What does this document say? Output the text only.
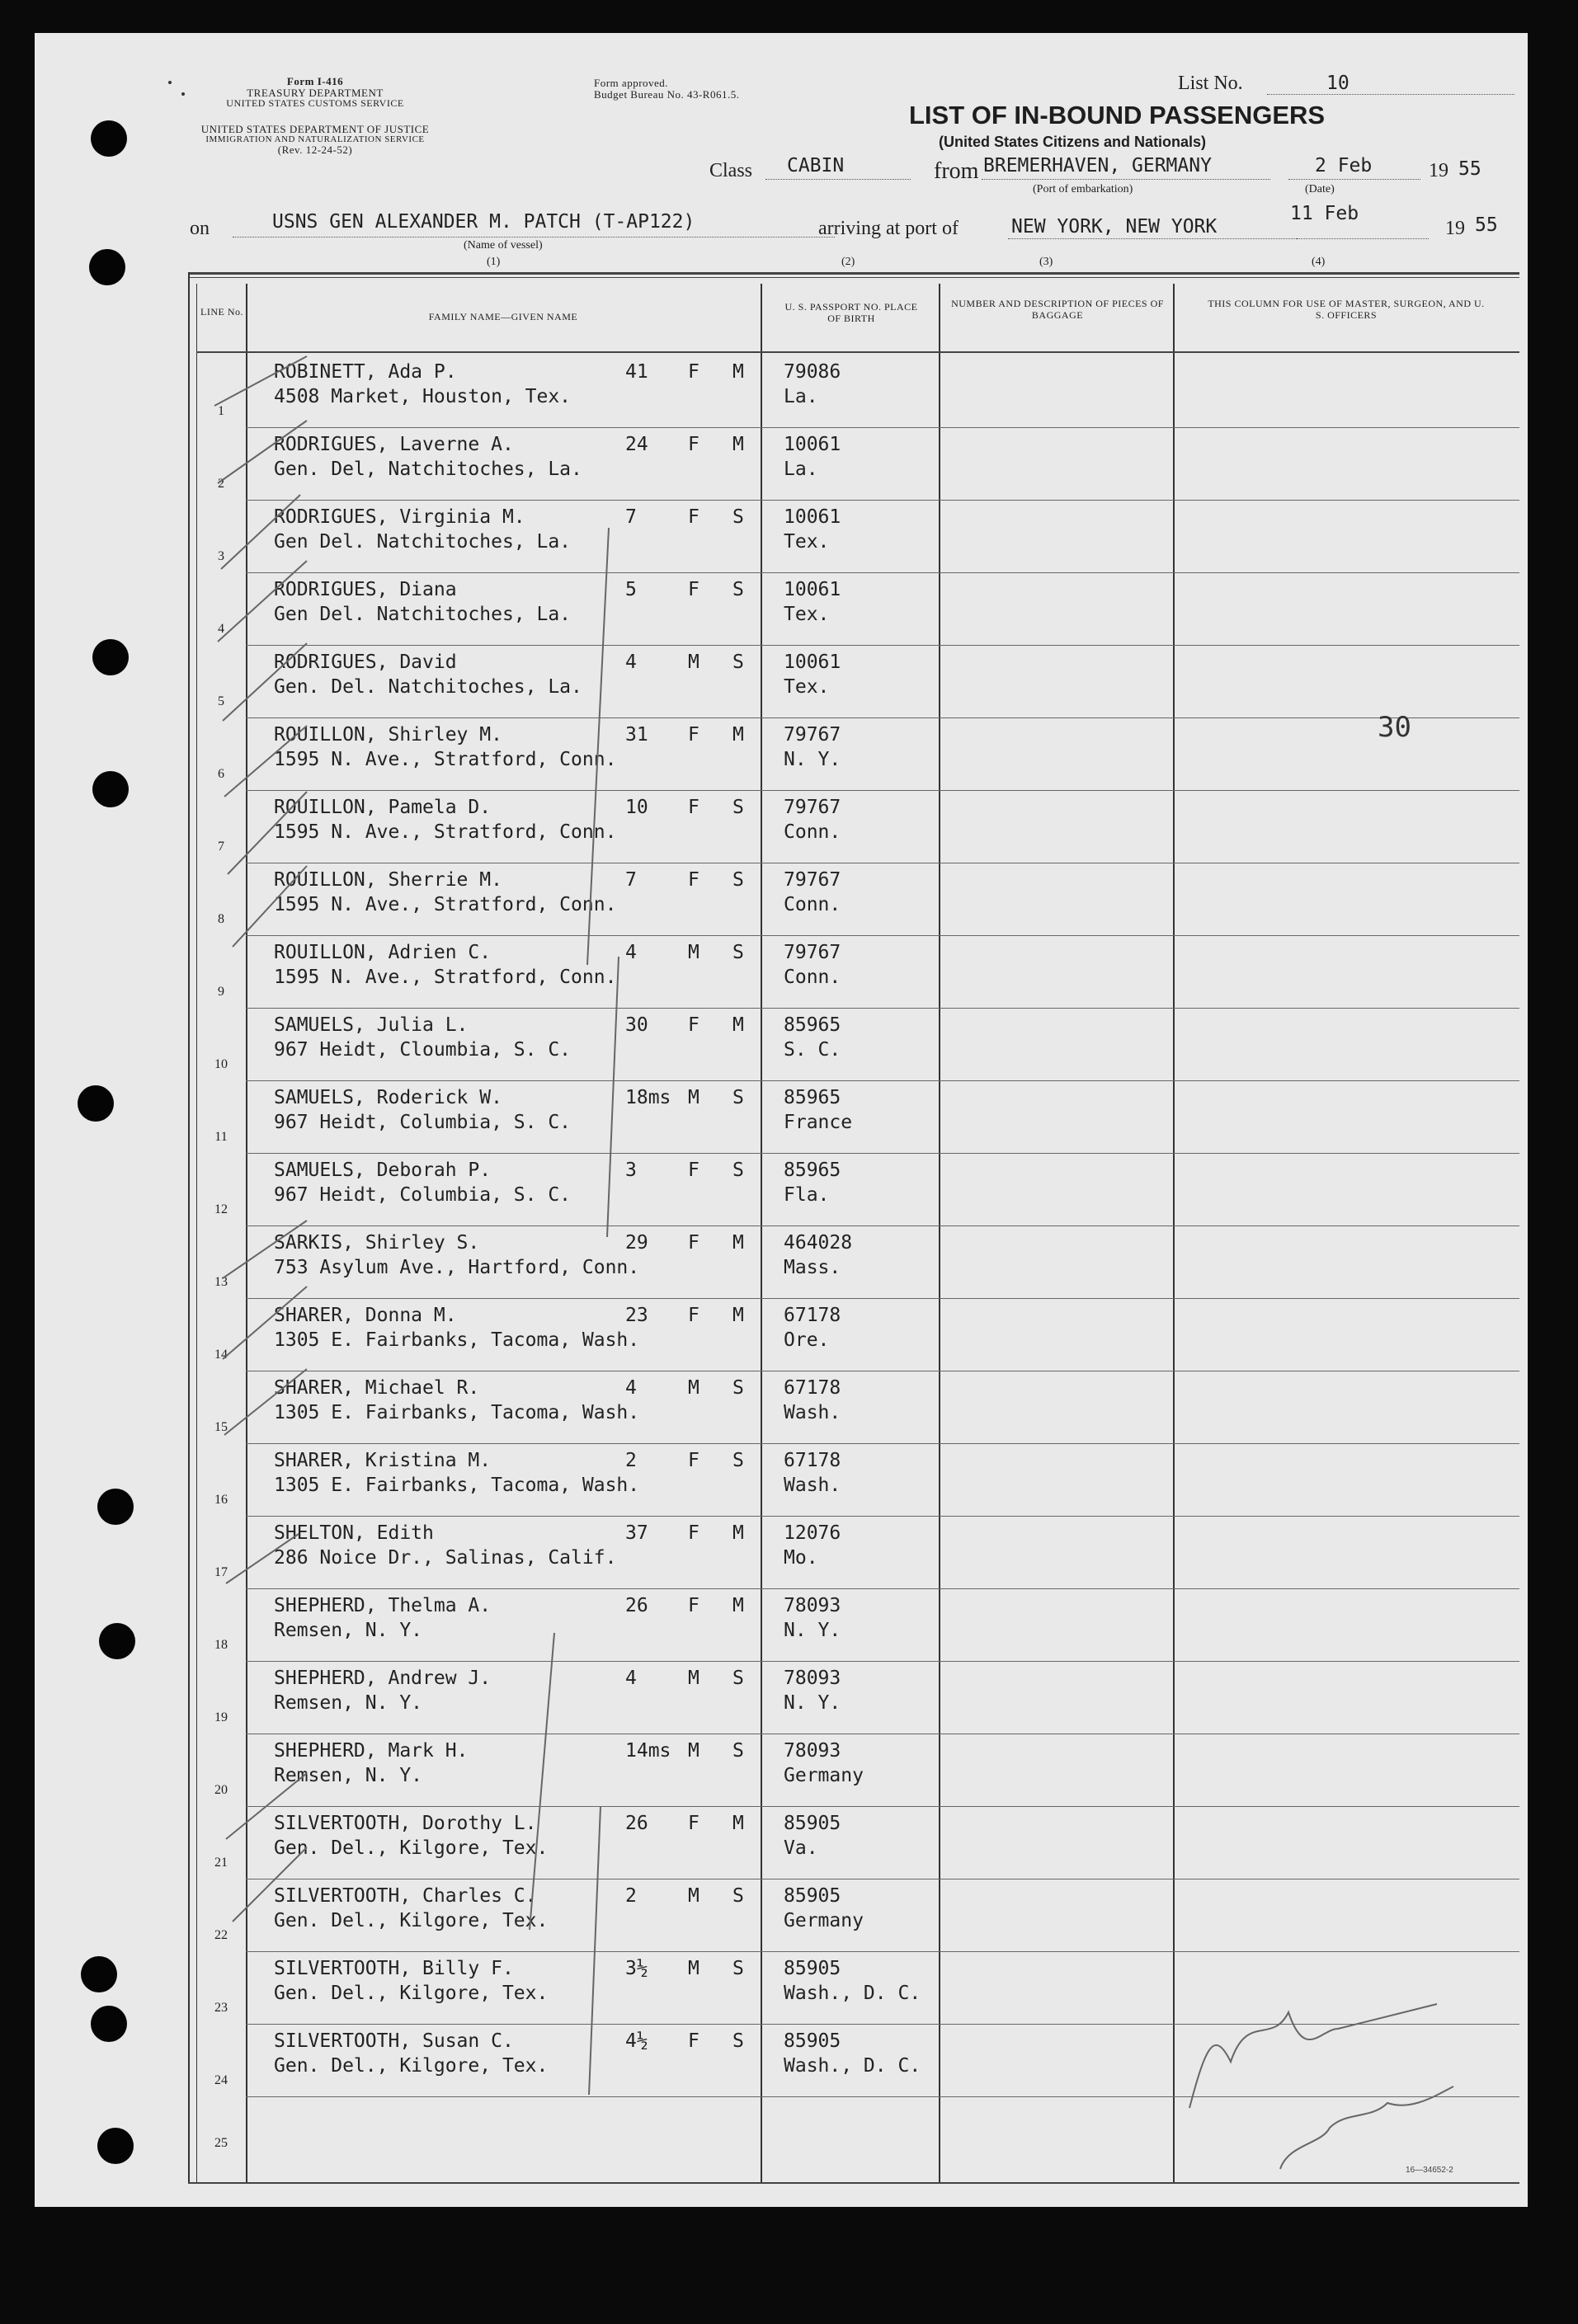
Form I-416
TREASURY DEPARTMENT
UNITED STATES CUSTOMS SERVICE
UNITED STATES DEPARTMENT OF JUSTICE
IMMIGRATION AND NATURALIZATION SERVICE
(Rev. 12-24-52)
Form approved.
Budget Bureau No. 43-R061.5.
List No.	10
LIST OF IN-BOUND PASSENGERS
(United States Citizens and Nationals)
Class CABIN	from BREMERHAVEN, GERMANY
(Port of embarkation)
2 Feb
(Date)
19 55
on	USNS GEN ALEXANDER M. PATCH (T-AP122)
(Name of vessel)
(1)
arriving at port of	NEW YORK, NEW YORK
11 Feb
19 55
(2)	(3)	(4)
LINE No.	FAMILY NAME—GIVEN NAME
U. S. PASSPORT NO. PLACE OF BIRTH
NUMBER AND DESCRIPTION OF PIECES OF BAGGAGE
THIS COLUMN FOR USE OF MASTER, SURGEON, AND U. S. OFFICERS
1
ROBINETT, Ada P.
4508 Market, Houston, Tex.
41 F M 79086
La.
2
RODRIGUES, Laverne A.
Gen. Del, Natchitoches, La.
24 F M 10061
La.
3
RODRIGUES, Virginia M.
Gen Del. Natchitoches, La.
7	F S 10061
Tex.
4
RODRIGUES, Diana
Gen Del. Natchitoches, La.
5	F S 10061
Tex.
5
RODRIGUES, David
Gen. Del. Natchitoches, La.
4	M S 10061
Tex.
6
ROUILLON, Shirley M.
1595 N. Ave., Stratford, Conn.
31 F M 79767
N. Y.
7
ROUILLON, Pamela D.
1595 N. Ave., Stratford, Conn.
10 F S 79767
Conn.
8
ROUILLON, Sherrie M.
1595 N. Ave., Stratford, Conn.
7	F S 79767
Conn.
9
ROUILLON, Adrien C.
1595 N. Ave., Stratford, Conn.
4	M S 79767
Conn.
10
SAMUELS, Julia L.
967 Heidt, Cloumbia, S. C.
30 F M 85965
S. C.
11
SAMUELS, Roderick W.
967 Heidt, Columbia, S. C.
18ms M S 85965
France
12
SAMUELS, Deborah P.
967 Heidt, Columbia, S. C.
3	F S 85965
Fla.
13
SARKIS, Shirley S.
753 Asylum Ave., Hartford, Conn.
29 F M 464028
Mass.
14
SHARER, Donna M.
1305 E. Fairbanks, Tacoma, Wash.
23 F M 67178
Ore.
15
SHARER, Michael R.
1305 E. Fairbanks, Tacoma, Wash.
4	M S 67178
Wash.
16
SHARER, Kristina M.
1305 E. Fairbanks, Tacoma, Wash.
2	F S 67178
Wash.
17
SHELTON, Edith
286 Noice Dr., Salinas, Calif.
37 F M 12076
Mo.
18
SHEPHERD, Thelma A.
Remsen, N. Y.
26 F M 78093
N. Y.
19
SHEPHERD, Andrew J.
Remsen, N. Y.
4	M S 78093
N. Y.
20
SHEPHERD, Mark H.
Remsen, N. Y.
14ms M S 78093
Germany
21
SILVERTOOTH, Dorothy L.
Gen. Del., Kilgore, Tex.
26 F M 85905
Va.
22
SILVERTOOTH, Charles C.
Gen. Del., Kilgore, Tex.
2	M S 85905
Germany
23
SILVERTOOTH, Billy F.
Gen. Del., Kilgore, Tex.
3½ M S 85905
Wash., D. C.
24
SILVERTOOTH, Susan C.
Gen. Del., Kilgore, Tex.
4½ F S 85905
Wash., D. C.
25
30
16—34652-2
